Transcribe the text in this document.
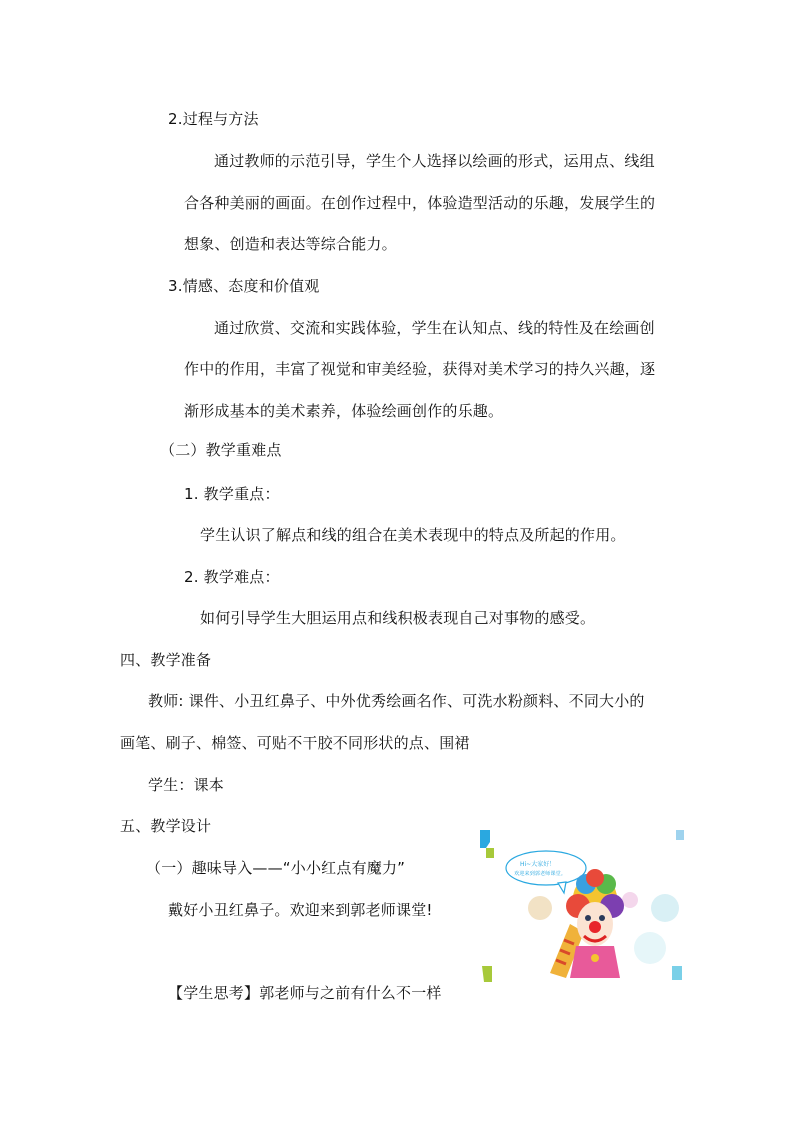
2.过程与方法
通过教师的示范引导，学生个人选择以绘画的形式，运用点、线组
合各种美丽的画面。在创作过程中，体验造型活动的乐趣，发展学生的
想象、创造和表达等综合能力。
3.情感、态度和价值观
通过欣赏、交流和实践体验，学生在认知点、线的特性及在绘画创
作中的作用，丰富了视觉和审美经验，获得对美术学习的持久兴趣，逐
渐形成基本的美术素养，体验绘画创作的乐趣。
（二）教学重难点
1. 教学重点：
学生认识了解点和线的组合在美术表现中的特点及所起的作用。
2. 教学难点：
如何引导学生大胆运用点和线积极表现自己对事物的感受。
四、教学准备
教师: 课件、小丑红鼻子、中外优秀绘画名作、可洗水粉颜料、不同大小的
画笔、刷子、棉签、可贴不干胶不同形状的点、围裙
学生：课本
五、教学设计
（一）趣味导入——“小小红点有魔力”
戴好小丑红鼻子。欢迎来到郭老师课堂!
【学生思考】郭老师与之前有什么不一样
Hi~大家好！
欢迎来到郭老师课堂。
